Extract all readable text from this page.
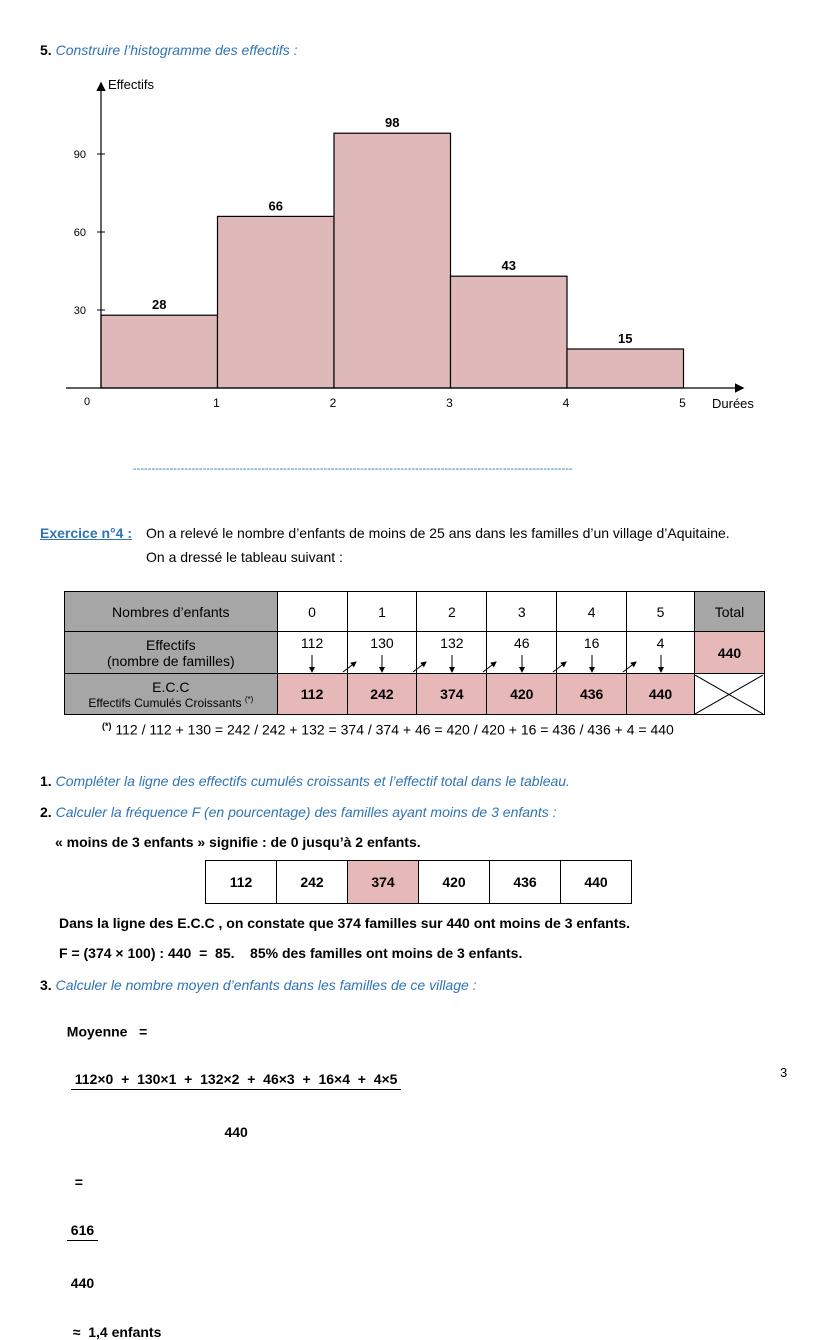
5. Construire l’histogramme des effectifs :
Effectifs
Durées
0
30
60
90
1	2	3	4	5
28
66
98
43
15
------------------------------------------------------------------------------------------------------------------------
Exercice n°4 : On a relevé le nombre d’enfants de moins de 25 ans dans les familles d’un village d’Aquitaine.
On a dressé le tableau suivant :
Nombres d’enfants	0	1	2	3	4	5	Total

Effectifs
(nombre de familles)	112	130	132	46	16	4	440

E.C.C
Effectifs Cumulés Croissants (*)	112	242	374	420	436	440	
(*) 112 / 112 + 130 = 242 / 242 + 132 = 374 / 374 + 46 = 420 / 420 + 16 = 436 / 436 + 4 = 440
1. Compléter la ligne des effectifs cumulés croissants et l’effectif total dans le tableau.
2. Calculer la fréquence F (en pourcentage) des familles ayant moins de 3 enfants :
« moins de 3 enfants » signifie : de 0 jusqu’à 2 enfants.
112	242	374	420	436	440
Dans la ligne des E.C.C , on constate que 374 familles sur 440 ont moins de 3 enfants.
F = (374 × 100) : 440  =  85.    85% des familles ont moins de 3 enfants.
3. Calculer le nombre moyen d’enfants dans les familles de ce village :

Moyenne   =

$\frac{112\times 0 + 130\times 1 + 132\times 2 + 46\times 3 + 16\times 4 + 4\times 5}{440}$

=

$\frac{616}{440}$

≈  1,4 enfants

3
